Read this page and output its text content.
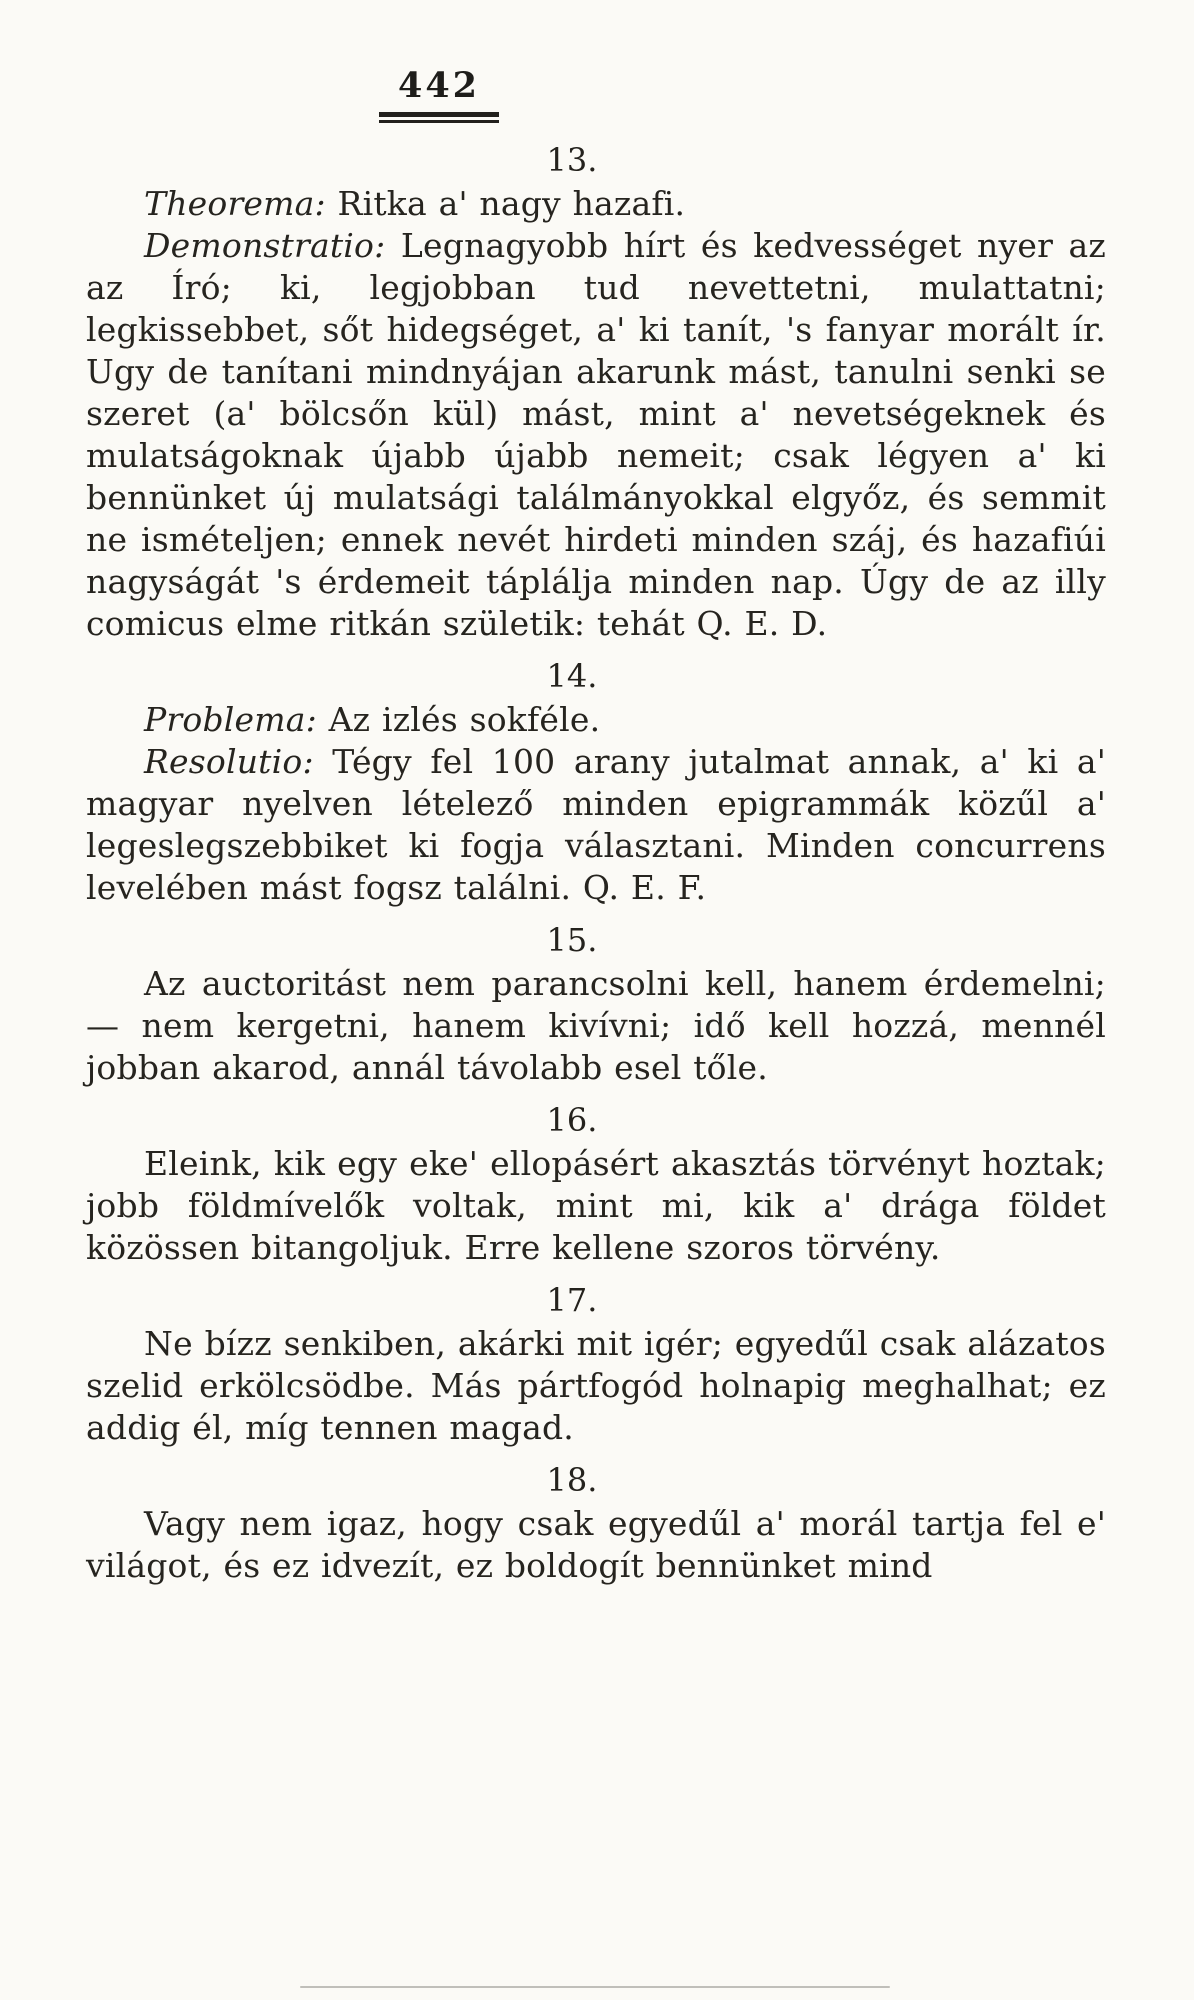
442
13.

Theorema: Ritka a' nagy hazafi.

Demonstratio: Legnagyobb hírt és kedvességet nyer az az Író; ki, legjobban tud nevettetni, mulattatni; legkissebbet, sőt hidegséget, a' ki tanít, 's fanyar morált ír. Ugy de tanítani mindnyájan akarunk mást, tanulni senki se szeret (a' bölcsőn kül) mást, mint a' nevetségeknek és mulatságoknak újabb újabb nemeit; csak légyen a' ki bennünket új mulatsági találmányokkal elgyőz, és semmit ne ismételjen; ennek nevét hirdeti minden száj, és hazafiúi nagyságát 's érdemeit táplálja minden nap. Úgy de az illy comicus elme ritkán születik: tehát Q. E. D.

14.

Problema: Az izlés sokféle.

Resolutio: Tégy fel 100 arany jutalmat annak, a' ki a' magyar nyelven lételező minden epigrammák közűl a' legeslegszebbiket ki fogja választani. Minden concurrens levelében mást fogsz találni. Q. E. F.

15.

Az auctoritást nem parancsolni kell, hanem érdemelni; — nem kergetni, hanem kivívni; idő kell hozzá, mennél jobban akarod, annál távolabb esel tőle.

16.

Eleink, kik egy eke' ellopásért akasztás törvényt hoztak; jobb földmívelők voltak, mint mi, kik a' drága földet közössen bitangoljuk. Erre kellene szoros törvény.

17.

Ne bízz senkiben, akárki mit igér; egyedűl csak alázatos szelid erkölcsödbe. Más pártfogód holnapig meghalhat; ez addig él, míg tennen magad.

18.

Vagy nem igaz, hogy csak egyedűl a' morál tartja fel e' világot, és ez idvezít, ez boldogít bennünket mind
